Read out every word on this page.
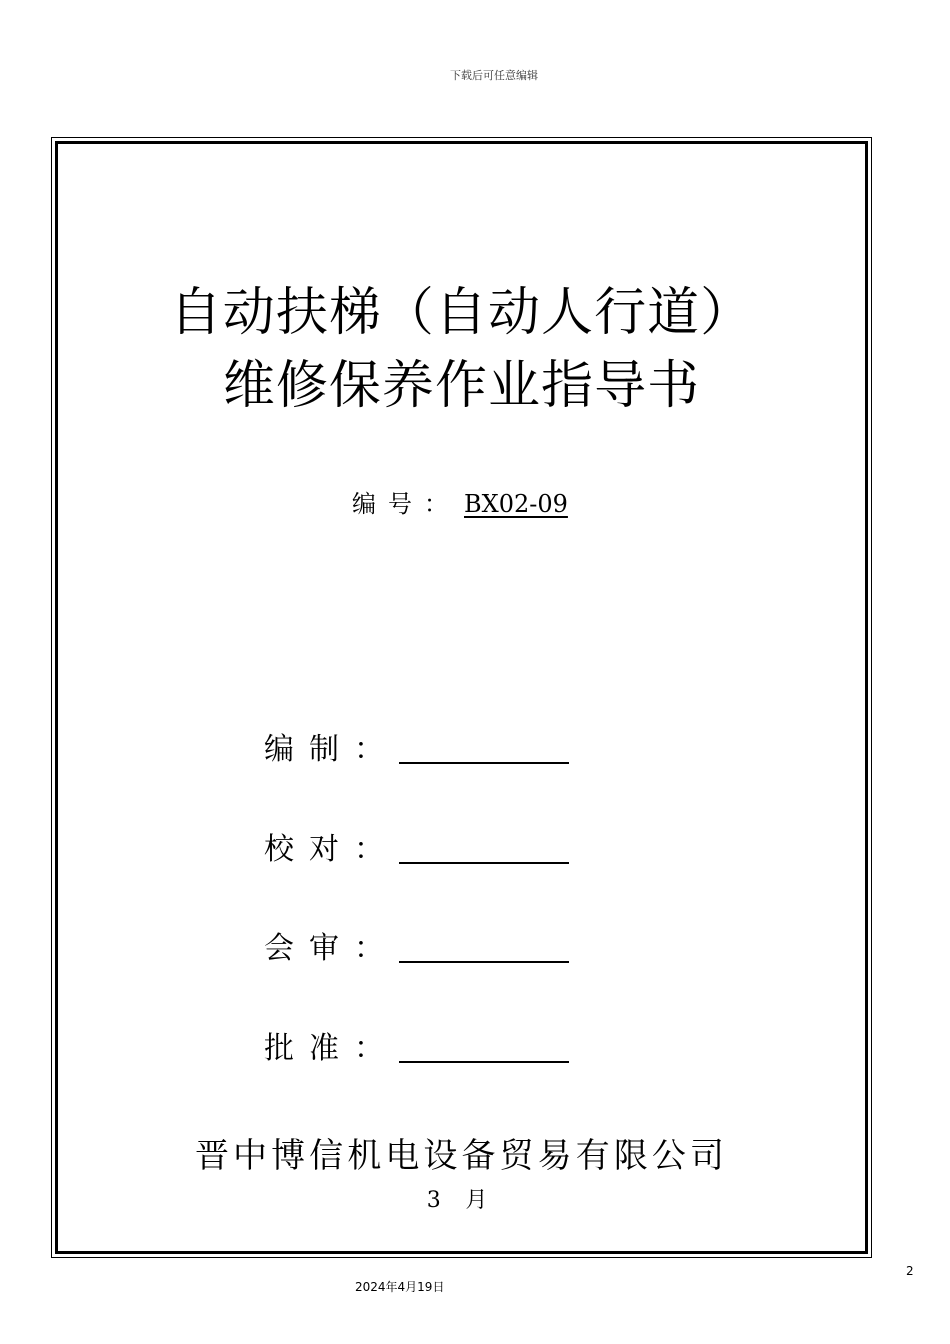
下载后可任意编辑
自动扶梯（自动人行道）
维修保养作业指导书
编号： BX02-09
编制：
校对：
会审：
批准：
晋中博信机电设备贸易有限公司
3 月
2
2024年4月19日
